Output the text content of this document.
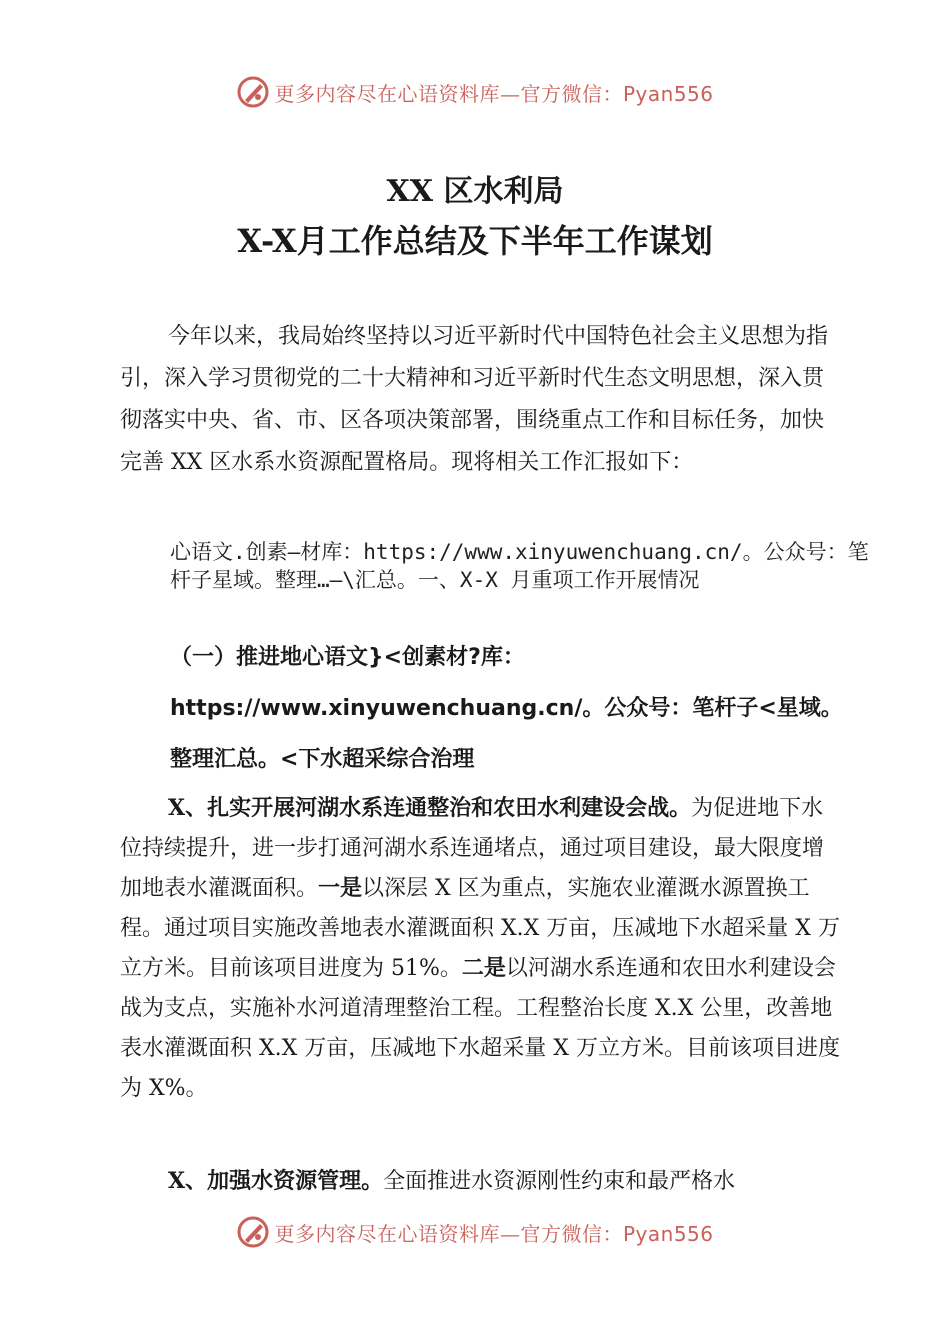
更多内容尽在心语资料库—官方微信：Pyan556
XX 区水利局
X-X月工作总结及下半年工作谋划
今年以来，我局始终坚持以习近平新时代中国特色社会主义思想为指引，深入学习贯彻党的二十大精神和习近平新时代生态文明思想，深入贯彻落实中央、省、市、区各项决策部署，围绕重点工作和目标任务，加快完善 XX 区水系水资源配置格局。现将相关工作汇报如下：
心语文.创素—材库：https://www.xinyuwenchuang.cn/。公众号：笔杆子星域。整理…—\汇总。一、X-X 月重项工作开展情况
（一）推进地心语文}<创素材?库：https://www.xinyuwenchuang.cn/。公众号：笔杆子<星域。整理汇总。<下水超采综合治理
X、扎实开展河湖水系连通整治和农田水利建设会战。为促进地下水位持续提升，进一步打通河湖水系连通堵点，通过项目建设，最大限度增加地表水灌溉面积。一是以深层 X 区为重点，实施农业灌溉水源置换工程。通过项目实施改善地表水灌溉面积 X.X 万亩，压减地下水超采量 X 万立方米。目前该项目进度为 51%。二是以河湖水系连通和农田水利建设会战为支点，实施补水河道清理整治工程。工程整治长度 X.X 公里，改善地表水灌溉面积 X.X 万亩，压减地下水超采量 X 万立方米。目前该项目进度为 X%。
X、加强水资源管理。全面推进水资源刚性约束和最严格水
更多内容尽在心语资料库—官方微信：Pyan556
